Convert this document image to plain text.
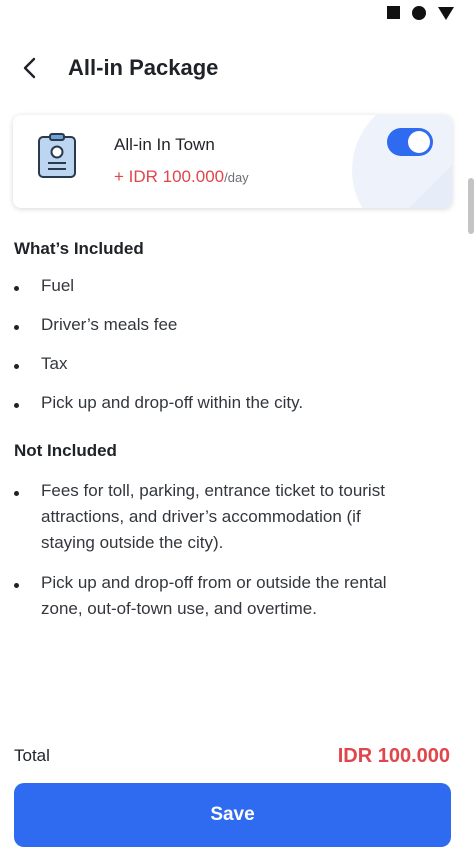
All-in Package
All-in In Town
+ IDR 100.000/day
What’s Included
Fuel
Driver’s meals fee
Tax
Pick up and drop-off within the city.
Not Included
Fees for toll, parking, entrance ticket to tourist attractions, and driver’s accommodation (if staying outside the city).
Pick up and drop-off from or outside the rental zone, out-of-town use, and overtime.
Total	IDR 100.000
Save
